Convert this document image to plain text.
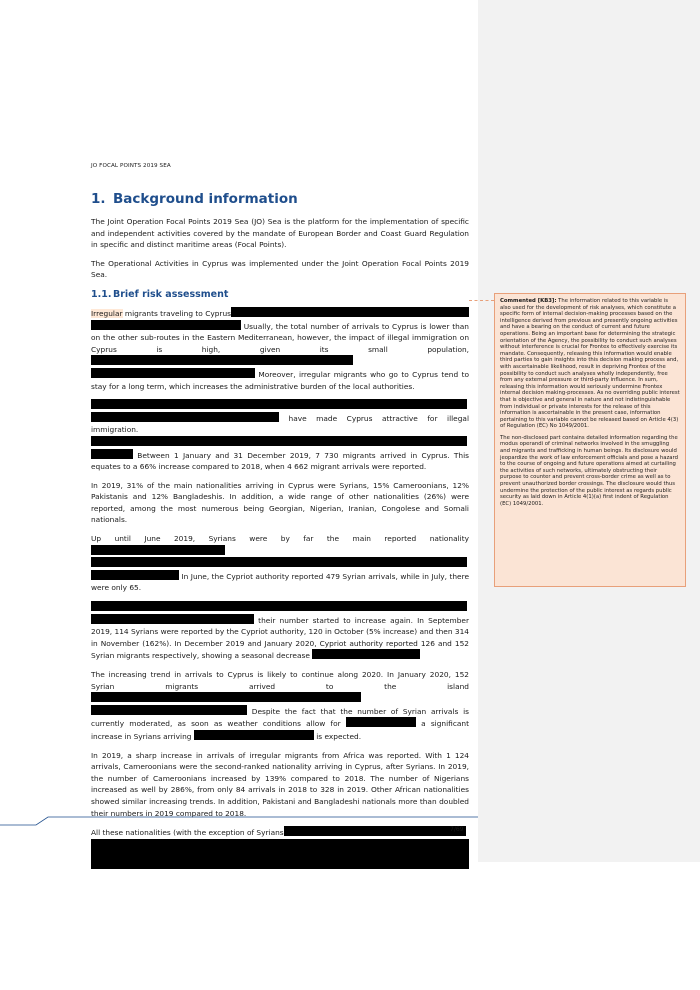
JO FOCAL POINTS 2019 SEA
1. Background information

The Joint Operation Focal Points 2019 Sea (JO) Sea is the platform for the implementation of specific and independent activities covered by the mandate of European Border and Coast Guard Regulation in specific and distinct maritime areas (Focal Points).

The Operational Activities in Cyprus was implemented under the Joint Operation Focal Points 2019 Sea.

1.1. Brief risk assessment

Irregular migrants traveling to Cyprus Usually, the total number of arrivals to Cyprus is lower than on the other sub-routes in the Eastern Mediterranean, however, the impact of illegal immigration on Cyprus is high, given its small population, Moreover, irregular migrants who go to Cyprus tend to stay for a long term, which increases the administrative burden of the local authorities.

have made Cyprus attractive for illegal immigration. Between 1 January and 31 December 2019, 7 730 migrants arrived in Cyprus. This equates to a 66% increase compared to 2018, when 4 662 migrant arrivals were reported.

In 2019, 31% of the main nationalities arriving in Cyprus were Syrians, 15% Cameroonians, 12% Pakistanis and 12% Bangladeshis. In addition, a wide range of other nationalities (26%) were reported, among the most numerous being Georgian, Nigerian, Iranian, Congolese and Somali nationals.

Up until June 2019, Syrians were by far the main reported nationality In June, the Cypriot authority reported 479 Syrian arrivals, while in July, there were only 65.

their number started to increase again. In September 2019, 114 Syrians were reported by the Cypriot authority, 120 in October (5% increase) and then 314 in November (162%). In December 2019 and January 2020, Cypriot authority reported 126 and 152 Syrian migrants respectively, showing a seasonal decrease

The increasing trend in arrivals to Cyprus is likely to continue along 2020. In January 2020, 152 Syrian migrants arrived to the island  Despite the fact that the number of Syrian arrivals is currently moderated, as soon as weather conditions allow for	a significant increase in Syrians arriving	is expected.

In 2019, a sharp increase in arrivals of irregular migrants from Africa was reported. With 1 124 arrivals, Cameroonians were the second-ranked nationality arriving in Cyprus, after Syrians. In 2019, the number of Cameroonians increased by 139% compared to 2018. The number of Nigerians increased as well by 286%, from only 84 arrivals in 2018 to 328 in 2019. Other African nationalities showed similar increasing trends. In addition, Pakistani and Bangladeshi nationals more than doubled their numbers in 2019 compared to 2018.

All these nationalities (with the exception of Syrians

Commented [KB3]: The information related to this variable is also used for the development of risk analyses, which constitute a specific form of internal decision-making processes based on the intelligence derived from previous and presently ongoing activities and have a bearing on the conduct of current and future operations. Being an important base for determining the strategic orientation of the Agency, the possibility to conduct such analyses without interference is crucial for Frontex to effectively exercise its mandate. Consequently, releasing this information would enable third parties to gain insights into this decision making process and, with ascertainable likelihood, result in depriving Frontex of the possibility to conduct such analyses wholly independently, free from any external pressure or third-party influence. In sum, releasing this information would seriously undermine Frontex internal decision making-processes. As no overriding public interest that is objective and general in nature and not indistinguishable from individual or private interests for the release of this information is ascertainable in the present case, information pertaining to this variable cannot be released based on Article 4(3) of Regulation (EC) No 1049/2001.

The non-disclosed part contains detailed information regarding the modus operandi of criminal networks involved in the smuggling and migrants and trafficking in human beings. Its disclosure would jeopardize the work of law enforcement officials and pose a hazard to the course of ongoing and future operations aimed at curtailing the activities of such networks, ultimately obstructing their purpose to counter and prevent cross-border crime as well as to prevent unauthorized border crossings. The disclosure would thus undermine the protection of the public interest as regards public security as laid down in Article 4(1)(a) first indent of Regulation (EC) 1049/2001.

7/69
